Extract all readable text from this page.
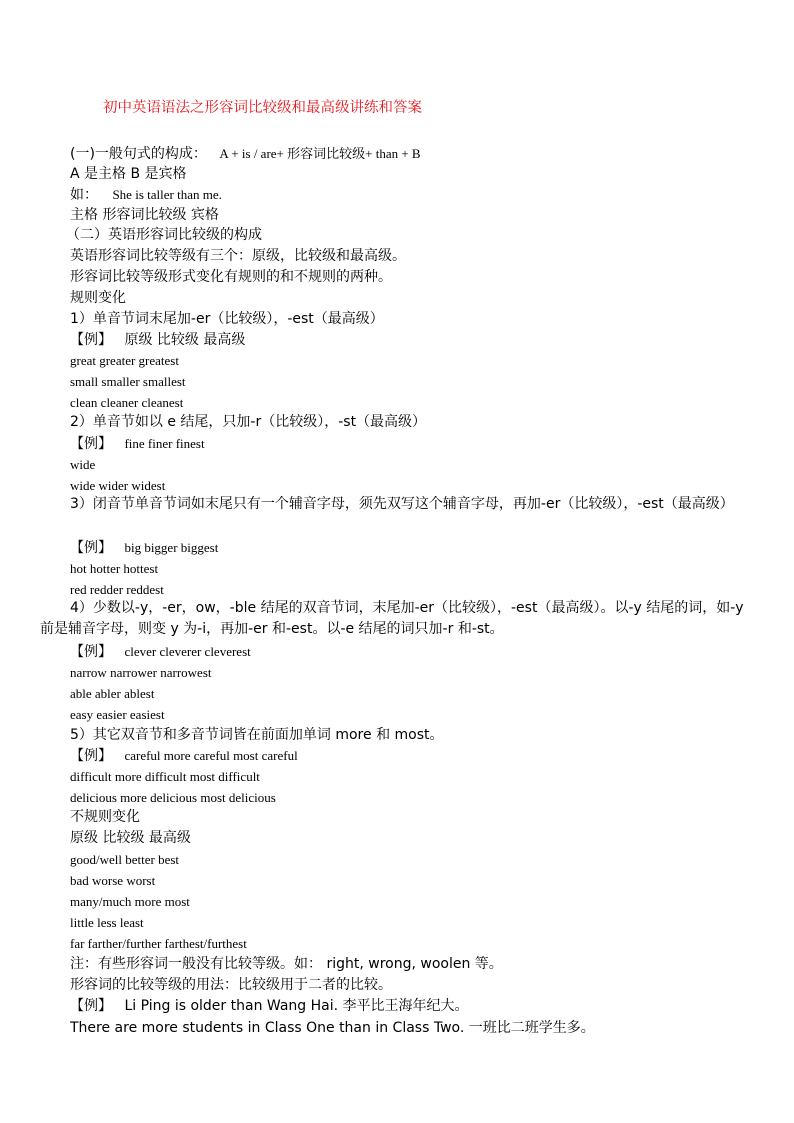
初中英语语法之形容词比较级和最高级讲练和答案

(一)一般句式的构成： A + is / are+ 形容词比较级+ than + B

A 是主格 B 是宾格

如： She is taller than me.

主格 形容词比较级 宾格

（二）英语形容词比较级的构成

英语形容词比较等级有三个：原级，比较级和最高级。

形容词比较等级形式变化有规则的和不规则的两种。

规则变化

1）单音节词末尾加-er（比较级），-est（最高级）

【例】 原级 比较级 最高级

great greater greatest

small smaller smallest

clean cleaner cleanest

2）单音节如以 e 结尾，只加-r（比较级），-st（最高级）

【例】 fine finer finest

wide

wide wider widest

3）闭音节单音节词如末尾只有一个辅音字母，须先双写这个辅音字母，再加-er（比较级），-est（最高级）

【例】 big bigger biggest

hot hotter hottest

red redder reddest

4）少数以-y，-er，ow，-ble 结尾的双音节词，末尾加-er（比较级），-est（最高级）。以-y 结尾的词，如-y 前是辅音字母，则变 y 为-i，再加-er 和-est。以-e 结尾的词只加-r 和-st。

【例】 clever cleverer cleverest

narrow narrower narrowest

able abler ablest

easy easier easiest

5）其它双音节和多音节词皆在前面加单词 more 和 most。

【例】 careful more careful most careful

difficult more difficult most difficult

delicious more delicious most delicious

不规则变化

原级 比较级 最高级

good/well better best

bad worse worst

many/much more most

little less least

far farther/further farthest/furthest

注：有些形容词一般没有比较等级。如： right, wrong, woolen 等。

形容词的比较等级的用法：比较级用于二者的比较。

【例】 Li Ping is older than Wang Hai. 李平比王海年纪大。

There are more students in Class One than in Class Two. 一班比二班学生多。
